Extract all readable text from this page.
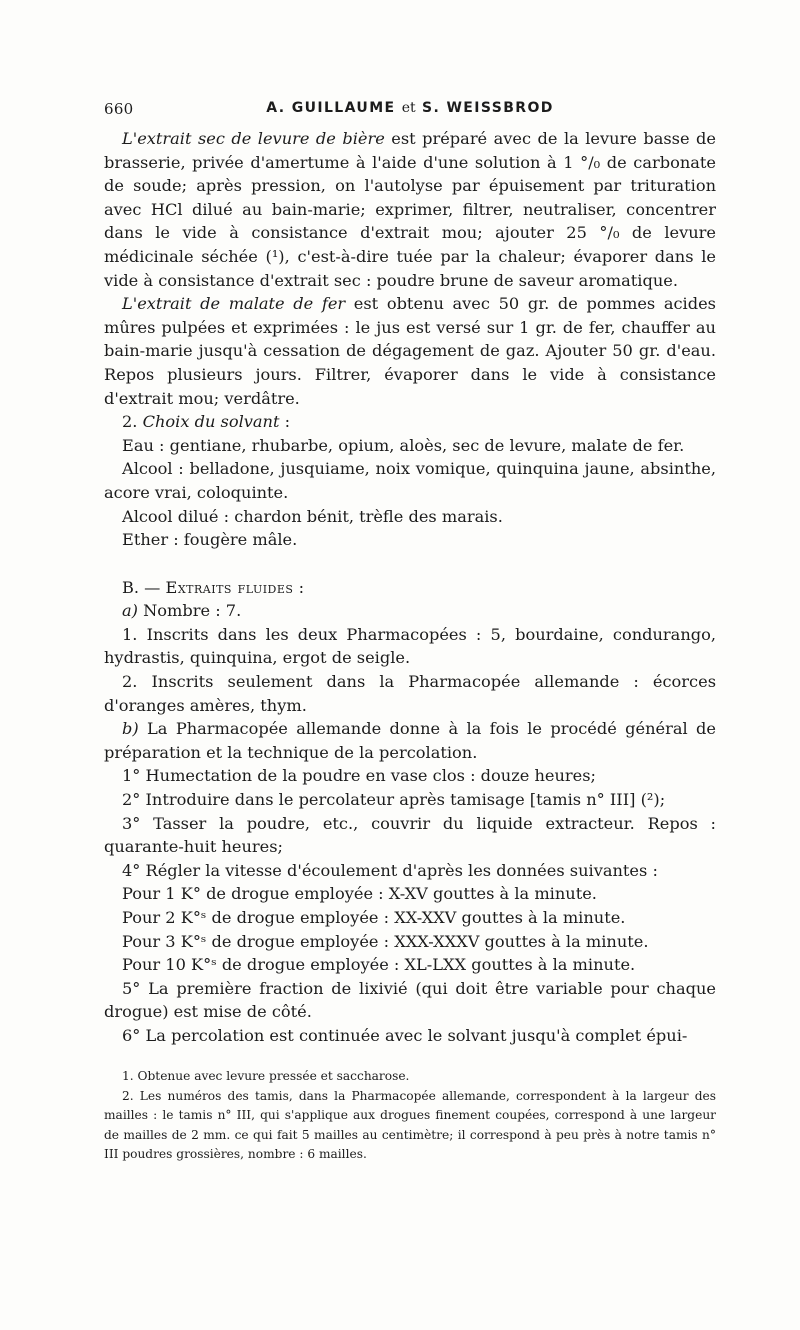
660	A. GUILLAUME et S. WEISSBROD

L'extrait sec de levure de bière est préparé avec de la levure basse de brasserie, privée d'amertume à l'aide d'une solution à 1 °/₀ de carbonate de soude; après pression, on l'autolyse par épuisement par trituration avec HCl dilué au bain-marie; exprimer, filtrer, neutraliser, concentrer dans le vide à consistance d'extrait mou; ajouter 25 °/₀ de levure médicinale séchée (¹), c'est-à-dire tuée par la chaleur; évaporer dans le vide à consistance d'extrait sec : poudre brune de saveur aromatique.

L'extrait de malate de fer est obtenu avec 50 gr. de pommes acides mûres pulpées et exprimées : le jus est versé sur 1 gr. de fer, chauffer au bain-marie jusqu'à cessation de dégagement de gaz. Ajouter 50 gr. d'eau. Repos plusieurs jours. Filtrer, évaporer dans le vide à consistance d'extrait mou; verdâtre.

2. Choix du solvant :

Eau : gentiane, rhubarbe, opium, aloès, sec de levure, malate de fer.

Alcool : belladone, jusquiame, noix vomique, quinquina jaune, absinthe, acore vrai, coloquinte.

Alcool dilué : chardon bénit, trèfle des marais.

Ether : fougère mâle.

B. — Extraits fluides :

a) Nombre : 7.

1. Inscrits dans les deux Pharmacopées : 5, bourdaine, condurango, hydrastis, quinquina, ergot de seigle.

2. Inscrits seulement dans la Pharmacopée allemande : écorces d'oranges amères, thym.

b) La Pharmacopée allemande donne à la fois le procédé général de préparation et la technique de la percolation.

1° Humectation de la poudre en vase clos : douze heures;

2° Introduire dans le percolateur après tamisage [tamis n° III] (²);

3° Tasser la poudre, etc., couvrir du liquide extracteur. Repos : quarante-huit heures;

4° Régler la vitesse d'écoulement d'après les données suivantes :

Pour 1 K° de drogue employée : X-XV gouttes à la minute.

Pour 2 K°ˢ de drogue employée : XX-XXV gouttes à la minute.

Pour 3 K°ˢ de drogue employée : XXX-XXXV gouttes à la minute.

Pour 10 K°ˢ de drogue employée : XL-LXX gouttes à la minute.

5° La première fraction de lixivié (qui doit être variable pour chaque drogue) est mise de côté.

6° La percolation est continuée avec le solvant jusqu'à complet épui-

1. Obtenue avec levure pressée et saccharose.

2. Les numéros des tamis, dans la Pharmacopée allemande, correspondent à la largeur des mailles : le tamis n° III, qui s'applique aux drogues finement coupées, correspond à une largeur de mailles de 2 mm. ce qui fait 5 mailles au centimètre; il correspond à peu près à notre tamis n° III poudres grossières, nombre : 6 mailles.
